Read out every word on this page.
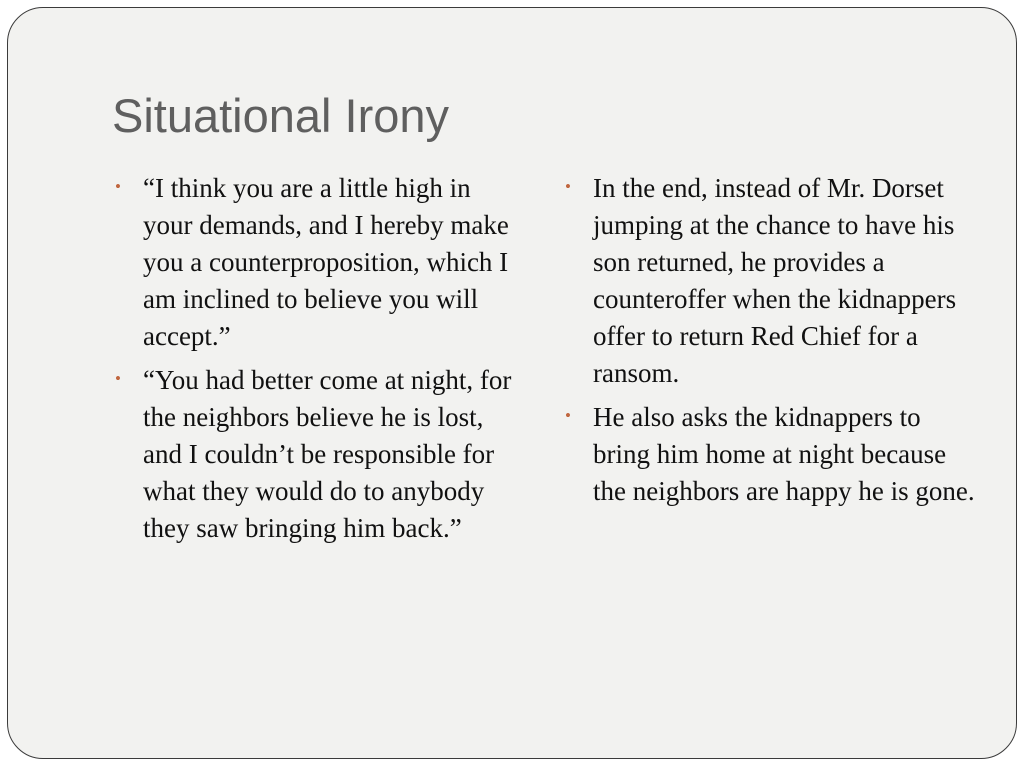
Situational Irony
• “I think you are a little high in your demands, and I hereby make you a counterproposition, which I am inclined to believe you will accept.”
• “You had better come at night, for the neighbors believe he is lost, and I couldn’t be responsible for what they would do to anybody they saw bringing him back.”
• In the end, instead of Mr. Dorset jumping at the chance to have his son returned, he provides a counteroffer when the kidnappers offer to return Red Chief for a ransom.
• He also asks the kidnappers to bring him home at night because the neighbors are happy he is gone.
